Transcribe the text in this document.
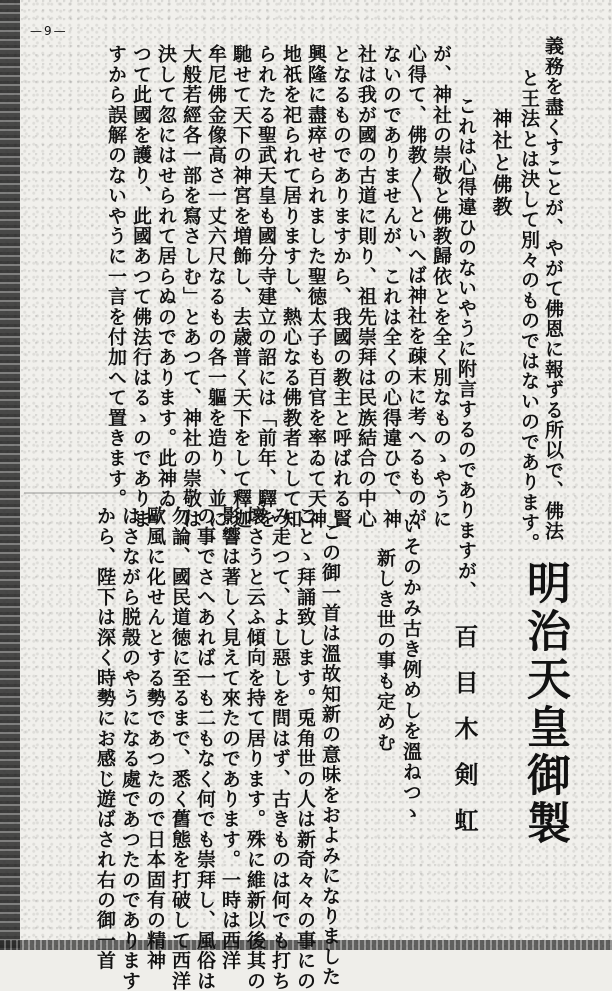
—9—
義務を盡くすことが、やがて佛恩に報ずる所以で、佛法
と王法とは決して別々のものではないのであります。
神社と佛教
これは心得違ひのないやうに附言するのでありますが、
が、神社の崇敬と佛教歸依とを全く別なものゝやうに
心得て、佛教〳〵といへば神社を疎末に考へるものが
ないのでありませんが、これは全くの心得違ひで、神
社は我が國の古道に則り、祖先崇拜は民族結合の中心
となるものでありますから、我國の教主と呼ばれる賢
興隆に盡瘁せられました聖徳太子も百官を率ゐて天神
地祇を祀られて居りますし、熱心なる佛教者として知
られたる聖武天皇も國分寺建立の詔には「前年、驛を
馳せて天下の神宮を増飾し、去歳普く天下をして釋迦
牟尼佛金像高さ一丈六尺なるもの各一軀を造り、並に
大般若經各一部を寫さしむ」とあつて、神社の崇敬は
決して忽にはせられて居らぬのであります。此神ゐ
つて此國を護り、此國あつて佛法行はるゝのでありま
すから誤解のないやうに一言を付加へて置きます。
明治天皇御製
百目木剣虹
いそのかみ古き例めしを溫ねつゝ
新しき世の事も定めむ
この御一首は溫故知新の意味をおよみになりました
ことゝ拜誦致します。兎角世の人は新奇々々の事にの
み走つて、よし惡しを問はず、古きものは何でも打ち
壞さうと云ふ傾向を持て居ります。殊に維新以後其の
影響は著しく見えて來たのであります。一時は西洋
の事でさへあれば一も二もなく何でも崇拜し、風俗は
勿論、國民道徳に至るまで、悉く舊態を打破して西洋
歐風に化せんとする勢であつたので日本固有の精神
はさながら脱殼のやうになる處であつたのであります
から、陛下は深く時勢にお感じ遊ばされ右の御一首
